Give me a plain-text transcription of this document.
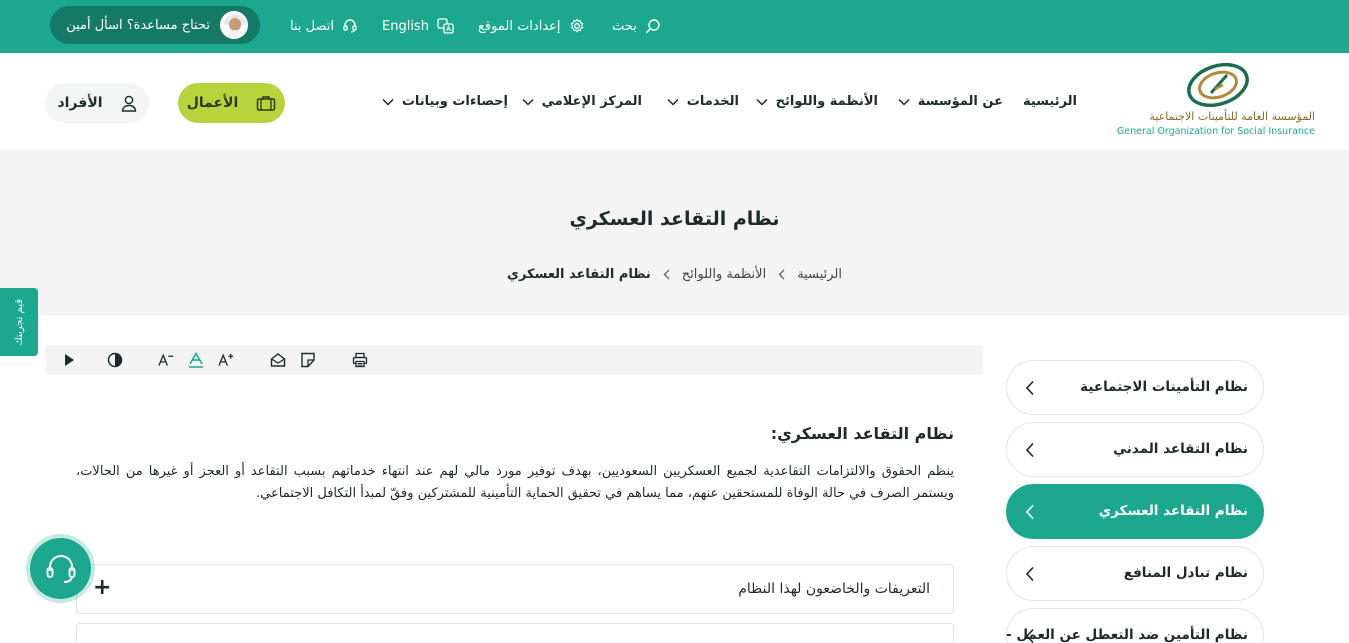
تحتاج مساعدة؟ اسأل أمين	اتصل بنا	English	إعدادات الموقع	بحث
المؤسسة العامة للتأمينات الاجتماعية
General Organization for Social Insurance
الرئيسية
عن المؤسسة
الأنظمة واللوائح
الخدمات
المركز الإعلامي
إحصاءات وبيانات
الأعمال
الأفراد
نظام التقاعد العسكري
الرئيسية
الأنظمة واللوائح
نظام التقاعد العسكري
قيم تجربتك
نظام التقاعد العسكري:
ينظم الحقوق والالتزامات التقاعدية لجميع العسكريين السعوديين، بهدف توفير مورد مالي لهم عند انتهاء خدماتهم بسبب التقاعد أو العجز أو غيرها من الحالات، ويستمر الصرف في حالة الوفاة للمستحقين عنهم، مما يساهم في تحقيق الحماية التأمينية للمشتركين وفقّ لمبدأ التكافل الاجتماعي.
التعريفات والخاضعون لهذا النظام
+
نظام التأمينات الاجتماعية
نظام التقاعد المدني
نظام التقاعد العسكري
نظام تبادل المنافع
نظام التأمين ضد التعطل عن العمل -
